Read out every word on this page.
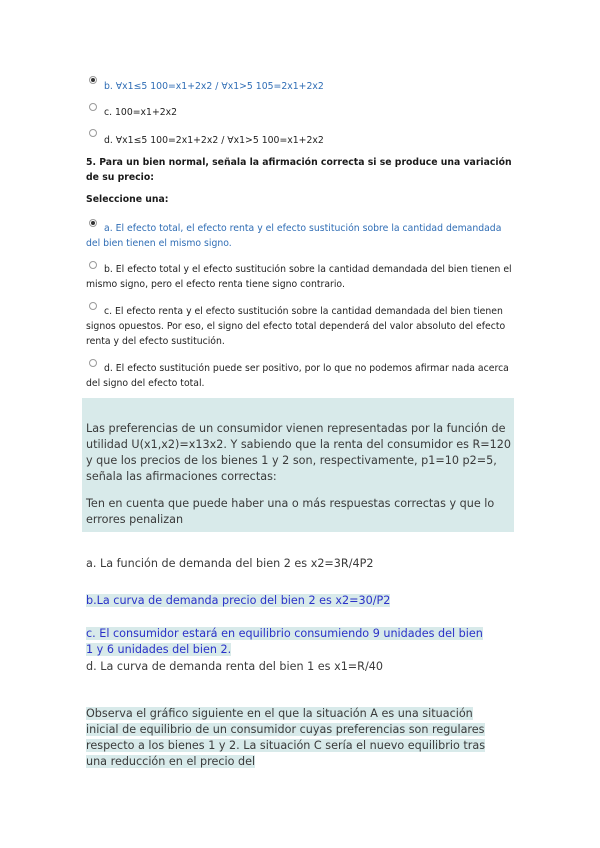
b. ∀x1≤5 100=x1+2x2 / ∀x1>5 105=2x1+2x2
c. 100=x1+2x2
d. ∀x1≤5 100=2x1+2x2 / ∀x1>5 100=x1+2x2
5. Para un bien normal, señala la afirmación correcta si se produce una variación de su precio:
Seleccione una:
a. El efecto total, el efecto renta y el efecto sustitución sobre la cantidad demandada del bien tienen el mismo signo.
b. El efecto total y el efecto sustitución sobre la cantidad demandada del bien tienen el mismo signo, pero el efecto renta tiene signo contrario.
c. El efecto renta y el efecto sustitución sobre la cantidad demandada del bien tienen signos opuestos. Por eso, el signo del efecto total dependerá del valor absoluto del efecto renta y del efecto sustitución.
d. El efecto sustitución puede ser positivo, por lo que no podemos afirmar nada acerca del signo del efecto total.
Las preferencias de un consumidor vienen representadas por la función de utilidad U(x1,x2)=x13x2. Y sabiendo que la renta del consumidor es R=120 y que los precios de los bienes 1 y 2 son, respectivamente, p1=10 p2=5, señala las afirmaciones correctas:
Ten en cuenta que puede haber una o más respuestas correctas y que lo errores penalizan
a. La función de demanda del bien 2 es x2=3R/4P2
b.La curva de demanda precio del bien 2 es x2=30/P2
c. El consumidor estará en equilibrio consumiendo 9 unidades del bien 1 y 6 unidades del bien 2.
d. La curva de demanda renta del bien 1 es x1=R/40
Observa el gráfico siguiente en el que la situación A es una situación inicial de equilibrio de un consumidor cuyas preferencias son regulares respecto a los bienes 1 y 2. La situación C sería el nuevo equilibrio tras una reducción en el precio del
